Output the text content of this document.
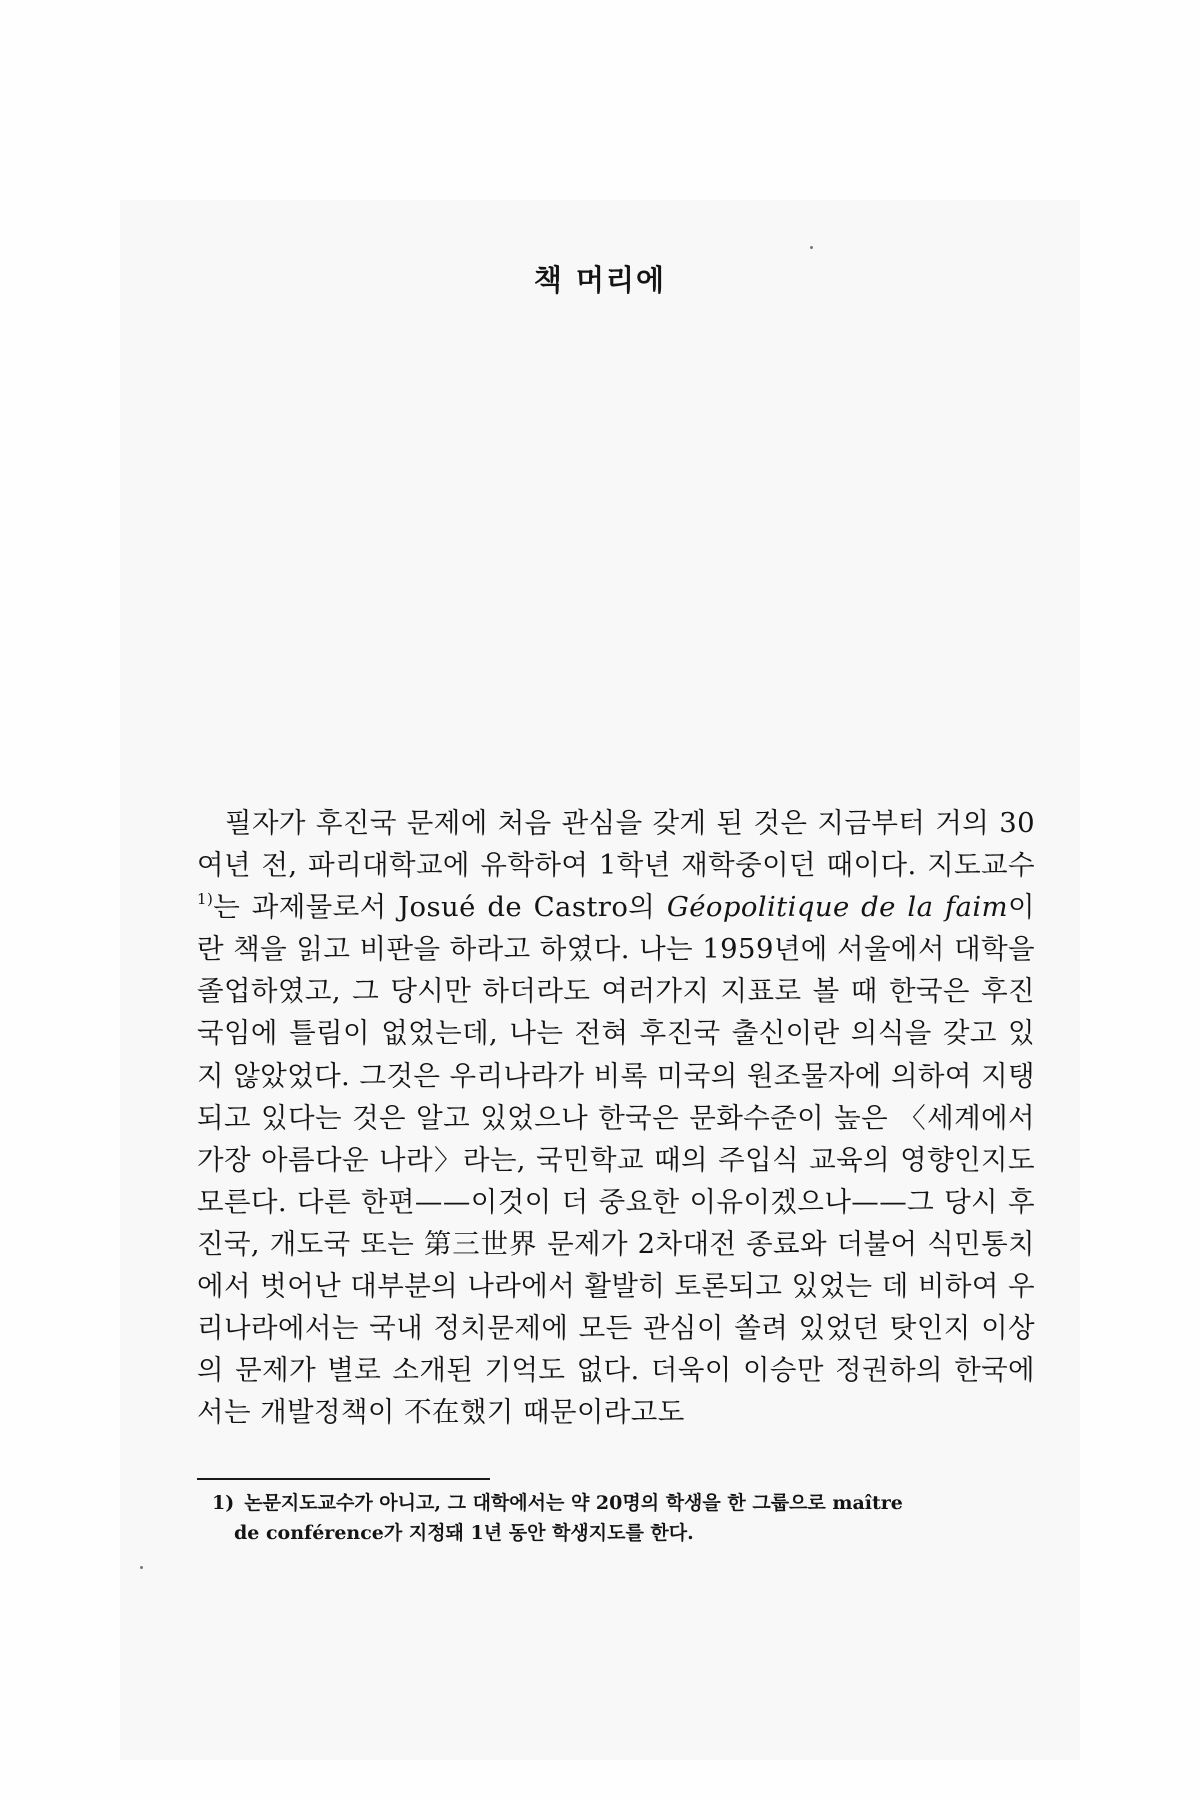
책 머리에

필자가 후진국 문제에 처음 관심을 갖게 된 것은 지금부터 거의 30여년 전, 파리대학교에 유학하여 1학년 재학중이던 때이다. 지도교수$^{1)}$는 과제물로서 Josué de Castro의 Géopolitique de la faim이란 책을 읽고 비판을 하라고 하였다. 나는 1959년에 서울에서 대학을 졸업하였고, 그 당시만 하더라도 여러가지 지표로 볼 때 한국은 후진국임에 틀림이 없었는데, 나는 전혀 후진국 출신이란 의식을 갖고 있지 않았었다. 그것은 우리나라가 비록 미국의 원조물자에 의하여 지탱되고 있다는 것은 알고 있었으나 한국은 문화수준이 높은 〈세계에서 가장 아름다운 나라〉라는, 국민학교 때의 주입식 교육의 영향인지도 모른다. 다른 한편——이것이 더 중요한 이유이겠으나——그 당시 후진국, 개도국 또는 第三世界 문제가 2차대전 종료와 더불어 식민통치에서 벗어난 대부분의 나라에서 활발히 토론되고 있었는 데 비하여 우리나라에서는 국내 정치문제에 모든 관심이 쏠려 있었던 탓인지 이상의 문제가 별로 소개된 기억도 없다. 더욱이 이승만 정권하의 한국에서는 개발정책이 不在했기 때문이라고도

1) 논문지도교수가 아니고, 그 대학에서는 약 20명의 학생을 한 그룹으로 maître
de conférence가 지정돼 1년 동안 학생지도를 한다.
